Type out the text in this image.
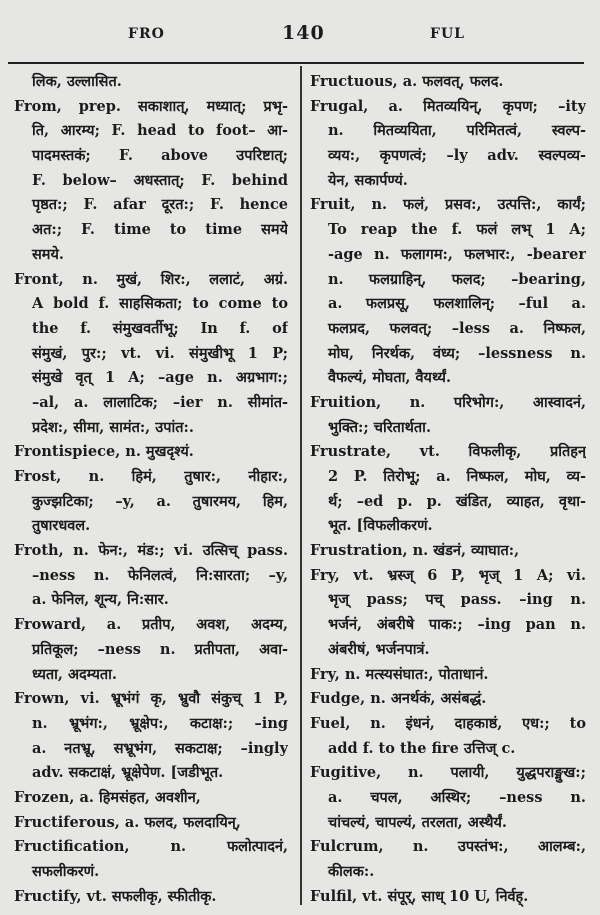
FRO	140	FUL
लिक, उल्लासित.
From, prep. सकाशात्, मध्यात्; प्रभृ-
ति, आरम्य; F. head to foot– आ-
पादमस्तकं; F. above उपरिष्टात्;
F. below– अधस्तात्; F. behind
पृष्ठत:; F. afar दूरत:; F. hence
अत:; F. time to time समये
समये.
Front, n. मुखं, शिर:, ललाटं, अग्रं.
A bold f. साहसिकता; to come to
the f. संमुखवर्तीभू; In f. of
संमुखं, पुर:; vt. vi. संमुखीभू 1 P;
संमुखे वृत् 1 A; –age n. अग्रभाग:;
–al, a. लालाटिक; –ier n. सीमांत-
प्रदेश:, सीमा, सामंत:, उपांत:.
Frontispiece, n. मुखदृश्यं.
Frost, n. हिमं, तुषार:, नीहार:,
कुज्झटिका; –y, a. तुषारमय, हिम,
तुषारधवल.
Froth, n. फेन:, मंड:; vi. उत्सिच् pass.
–ness n. फेनिलत्वं, नि:सारता; –y,
a. फेनिल, शून्य, नि:सार.
Froward, a. प्रतीप, अवश, अदम्य,
प्रतिकूल; –ness n. प्रतीपता, अवा-
ध्यता, अदम्यता.
Frown, vi. भ्रूभंगं कृ, भ्रुवौ संकुच् 1 P,
n. भ्रूभंग:, भ्रूक्षेप:, कटाक्ष:; –ing
a. नतभ्रू, सभ्रूभंग, सकटाक्ष; –ingly
adv. सकटाक्षं, भ्रूक्षेपेण. [जडीभूत.
Frozen, a. हिमसंहत, अवशीन,
Fructiferous, a. फलद, फलदायिन्,
Fructification, n. फलोत्पादनं,
सफलीकरणं.
Fructify, vt. सफलीकृ, स्फीतीकृ.
Fructuous, a. फलवत्, फलद.
Frugal, a. मितव्ययिन्, कृपण; –ity
n. मितव्ययिता, परिमितत्वं, स्वल्प-
व्यय:, कृपणत्वं; –ly adv. स्वल्पव्य-
येन, सकार्पण्यं.
Fruit, n. फलं, प्रसव:, उत्पत्ति:, कार्यं;
To reap the f. फलं लभ् 1 A;
-age n. फलागम:, फलभार:, -bearer
n. फलग्राहिन्, फलद; –bearing,
a. फलप्रसू, फलशालिन्; –ful a.
फलप्रद, फलवत्; –less a. निष्फल,
मोघ, निरर्थक, वंध्य; –lessness n.
वैफल्यं, मोघता, वैयर्थ्यं.
Fruition, n. परिभोग:, आस्वादनं,
भुक्ति:; चरितार्थता.
Frustrate, vt. विफलीकृ, प्रतिहन्
2 P. तिरोभू; a. निष्फल, मोघ, व्य-
र्थ; –ed p. p. खंडित, व्याहत, वृथा-
भूत. [विफलीकरणं.
Frustration, n. खंडनं, व्याघात:,
Fry, vt. भ्रस्ज् 6 P, भृज् 1 A; vi.
भृज् pass; पच् pass. –ing n.
भर्जनं, अंबरीषे पाक:; –ing pan n.
अंबरीषं, भर्जनपात्रं.
Fry, n. मत्स्यसंघात:, पोताधानं.
Fudge, n. अनर्थकं, असंबद्धं.
Fuel, n. इंधनं, दाहकाष्ठं, एध:; to
add f. to the fire उत्तिज् c.
Fugitive, n. पलायी, युद्धपराङ्मुख:;
a. चपल, अस्थिर; –ness n.
चांचल्यं, चापल्यं, तरलता, अस्थैर्यं.
Fulcrum, n. उपस्तंभ:, आलम्ब:,
कीलक:.
Fulfil, vt. संपूर्, साध् 10 U, निर्वह्.
